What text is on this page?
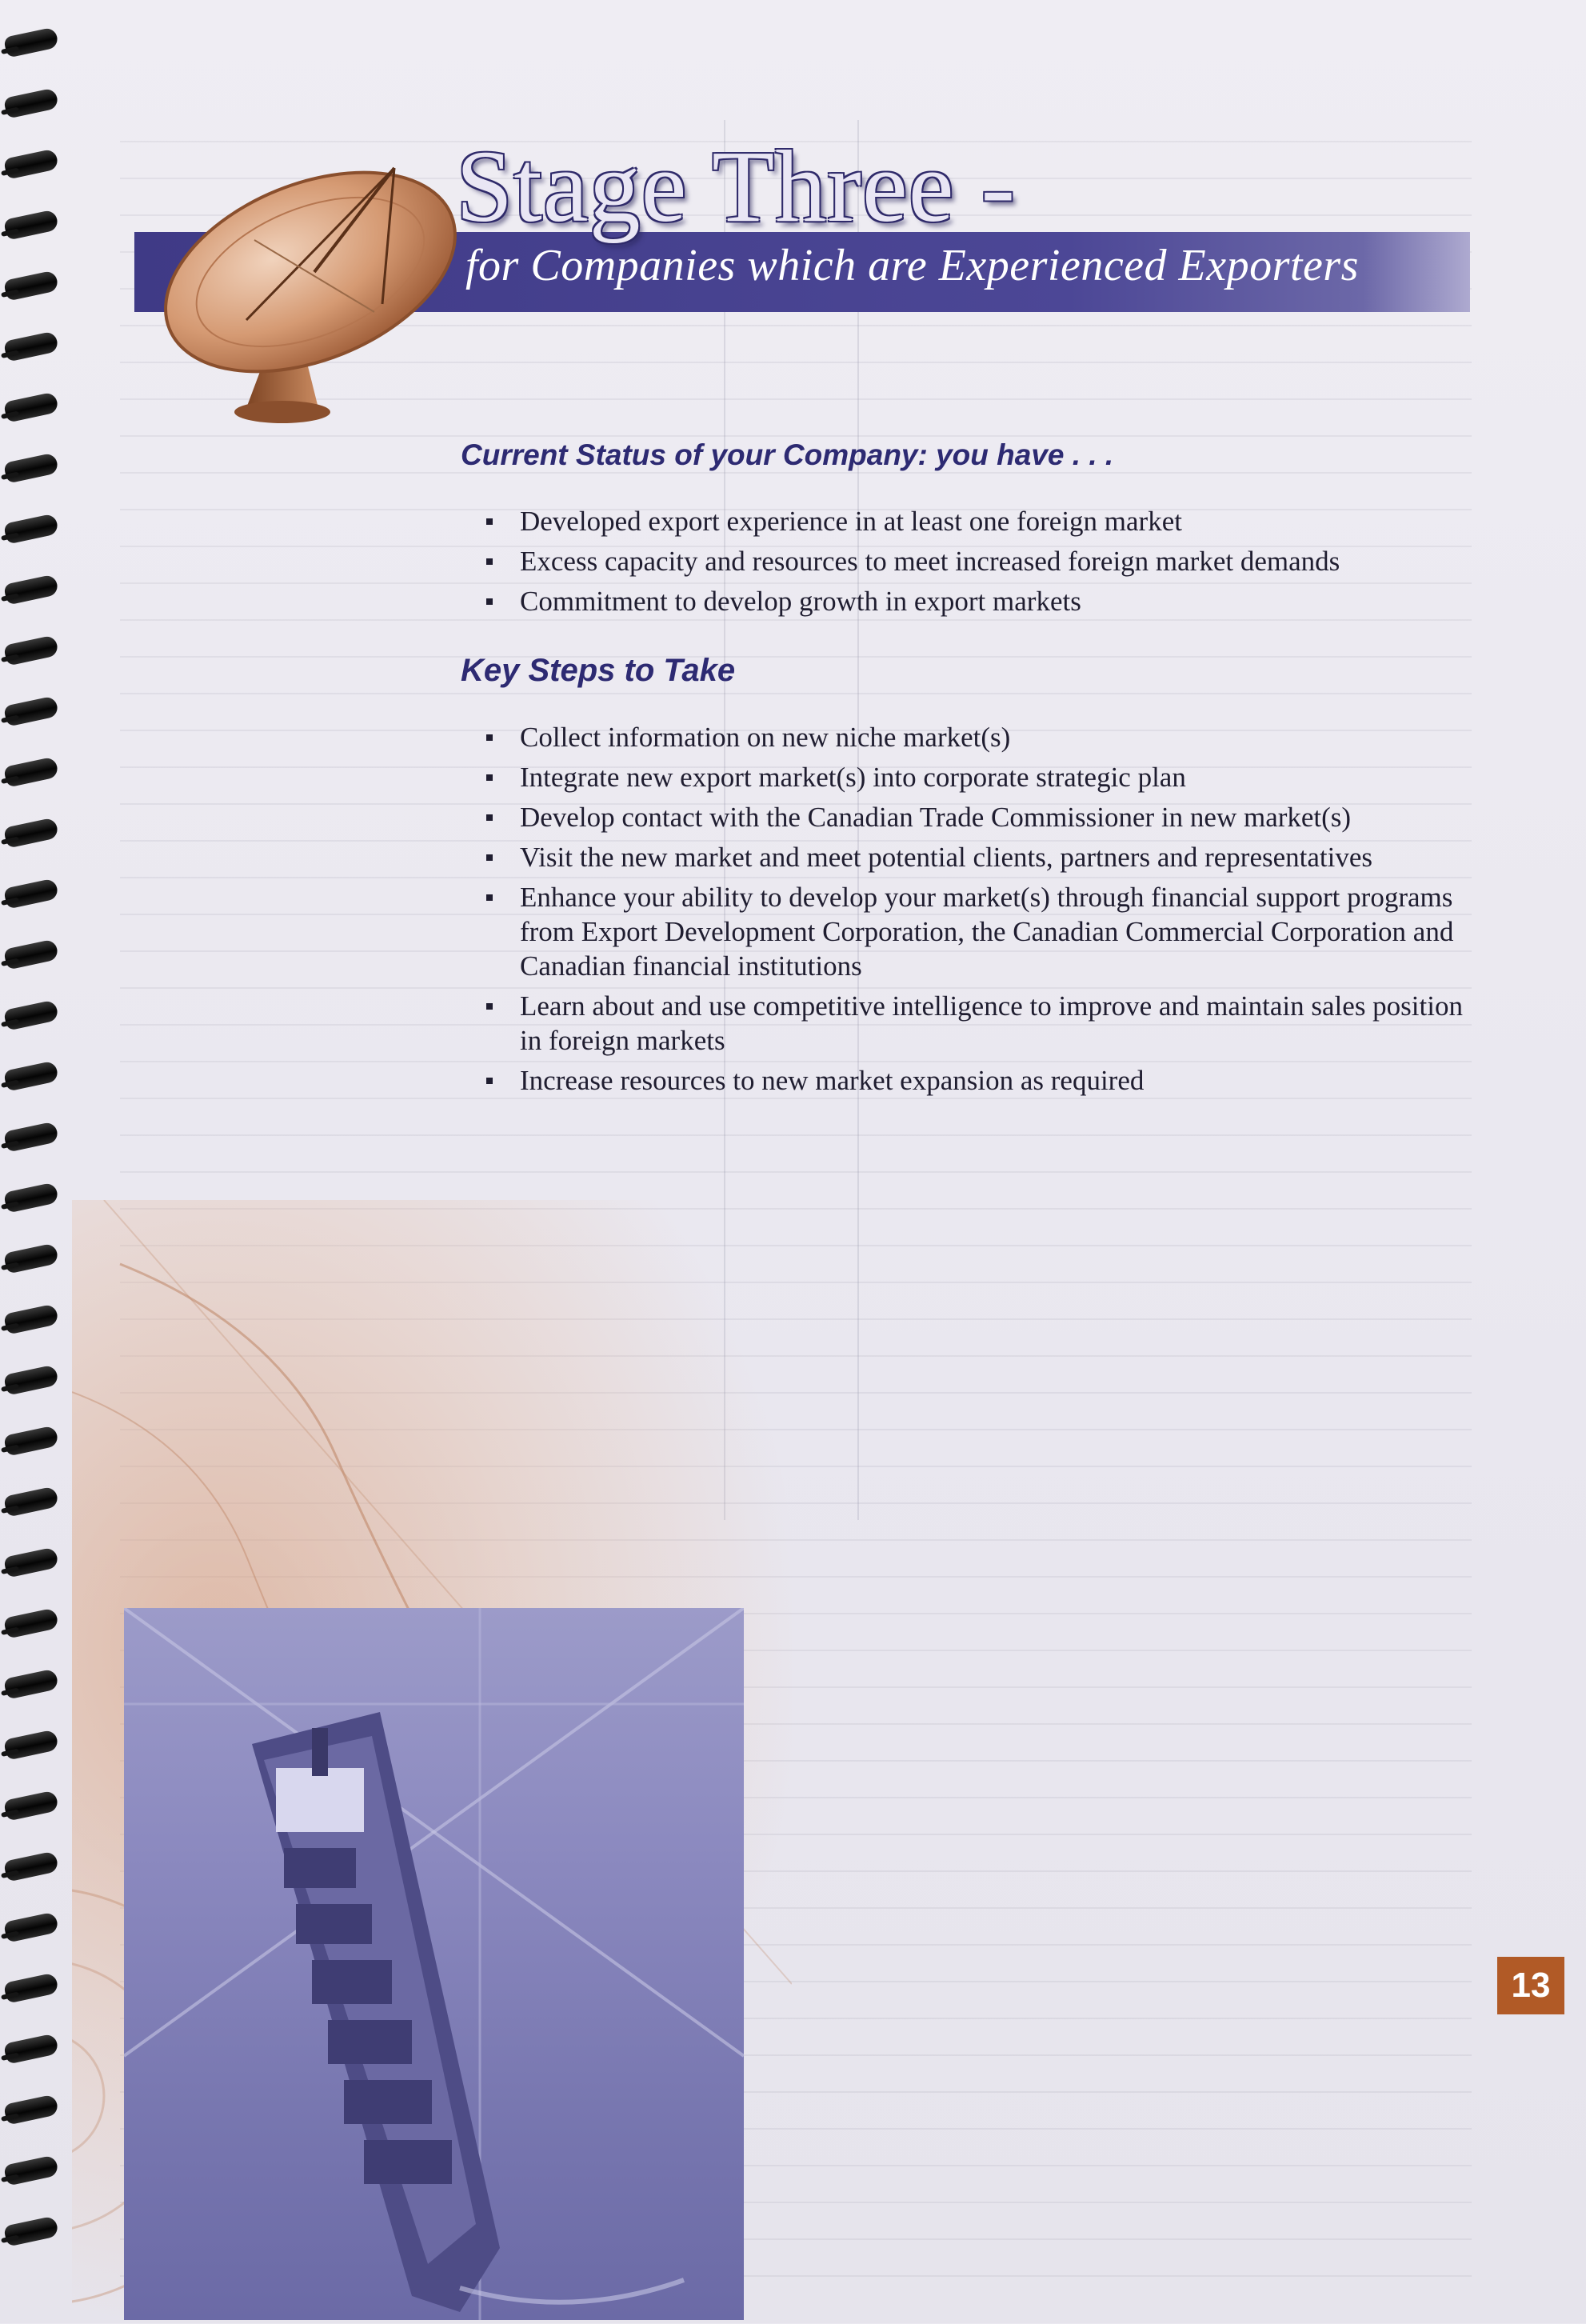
Stage Three -
for Companies which are Experienced Exporters
Current Status of your Company: you have . . .
Developed export experience in at least one foreign market
Excess capacity and resources to meet increased foreign market demands
Commitment to develop growth in export markets
Key Steps to Take
Collect information on new niche market(s)
Integrate new export market(s) into corporate strategic plan
Develop contact with the Canadian Trade Commissioner in new market(s)
Visit the new market and meet potential clients, partners and representatives
Enhance your ability to develop your market(s) through financial support programs from Export Development Corporation, the Canadian Commercial Corporation and Canadian financial institutions
Learn about and use competitive intelligence to improve and maintain sales position in foreign markets
Increase resources to new market expansion as required
13
